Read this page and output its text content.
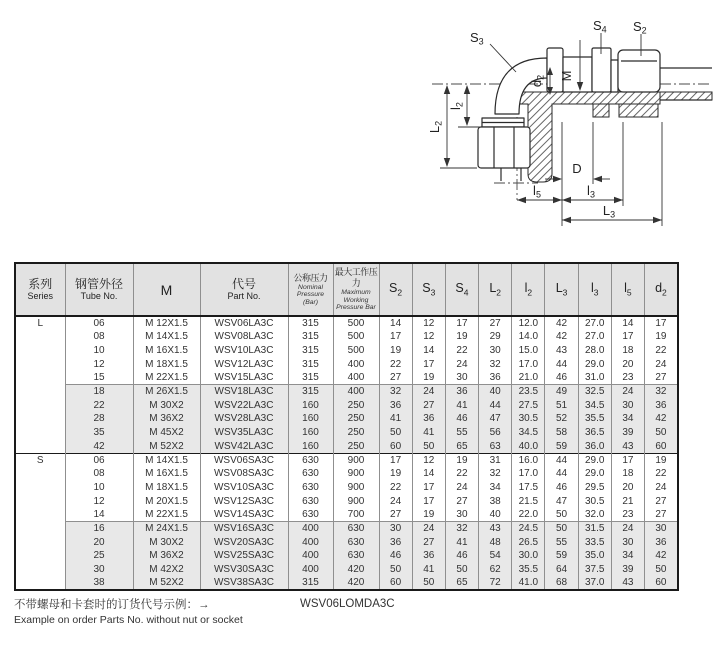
S3
S4 S2
L2
l2
d2 M
D
l5	l3
L3
系列
Series

钢管外径
Tube No.	M	代号
Part No.

公称压力
Nominal Pressure (Bar)

最大工作压力
Maximum Working Pressure Bar
	$S_2$	$S_3$	$S_4$	$L_2$	$l_2$	$L_3$	$l_3$	$l_5$	$d_2$
L	06	M 12X1.5	WSV06LA3C	315	500	14	12	17	27	12.0	42	27.0	14	17
	08	M 14X1.5	WSV08LA3C	315	500	17	12	19	29	14.0	42	27.0	17	19
	10	M 16X1.5	WSV10LA3C	315	500	19	14	22	30	15.0	43	28.0	18	22
	12	M 18X1.5	WSV12LA3C	315	400	22	17	24	32	17.0	44	29.0	20	24
	15	M 22X1.5	WSV15LA3C	315	400	27	19	30	36	21.0	46	31.0	23	27
	18	M 26X1.5	WSV18LA3C	315	400	32	24	36	40	23.5	49	32.5	24	32
	22	M 30X2	WSV22LA3C	160	250	36	27	41	44	27.5	51	34.5	30	36
	28	M 36X2	WSV28LA3C	160	250	41	36	46	47	30.5	52	35.5	34	42
	35	M 45X2	WSV35LA3C	160	250	50	41	55	56	34.5	58	36.5	39	50
	42	M 52X2	WSV42LA3C	160	250	60	50	65	63	40.0	59	36.0	43	60
S	06	M 14X1.5	WSV06SA3C	630	900	17	12	19	31	16.0	44	29.0	17	19
	08	M 16X1.5	WSV08SA3C	630	900	19	14	22	32	17.0	44	29.0	18	22
	10	M 18X1.5	WSV10SA3C	630	900	22	17	24	34	17.5	46	29.5	20	24
	12	M 20X1.5	WSV12SA3C	630	900	24	17	27	38	21.5	47	30.5	21	27
	14	M 22X1.5	WSV14SA3C	630	700	27	19	30	40	22.0	50	32.0	23	27
	16	M 24X1.5	WSV16SA3C	400	630	30	24	32	43	24.5	50	31.5	24	30
	20	M 30X2	WSV20SA3C	400	630	36	27	41	48	26.5	55	33.5	30	36
	25	M 36X2	WSV25SA3C	400	630	46	36	46	54	30.0	59	35.0	34	42
	30	M 42X2	WSV30SA3C	400	420	50	41	50	62	35.5	64	37.5	39	50
	38	M 52X2	WSV38SA3C	315	420	60	50	65	72	41.0	68	37.0	43	60
不带螺母和卡套时的订货代号示例：→
Example on order Parts No. without nut or socket
WSV06LOMDA3C
